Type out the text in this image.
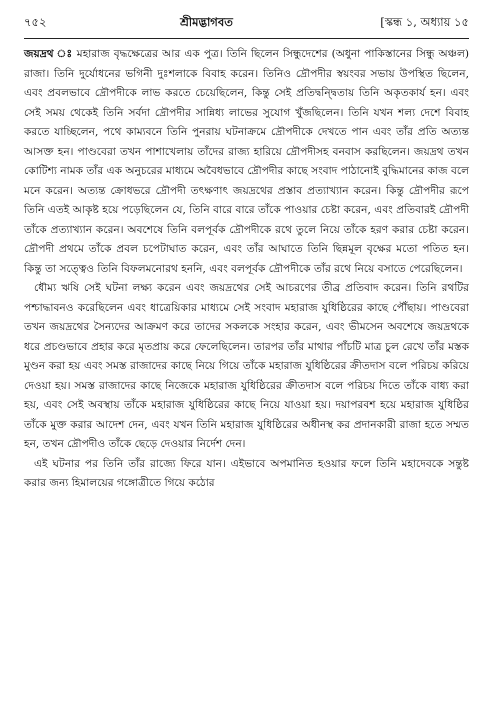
৭৫২	শ্রীমদ্ভাগবত	[স্কন্ধ ১, অধ্যায় ১৫

জয়দ্রথ ঃ মহারাজ বৃদ্ধক্ষেত্রের আর এক পুত্র। তিনি ছিলেন সিন্ধুদেশের (অধুনা পাকিস্তানের সিন্ধু অঞ্চল) রাজা। তিনি দুর্যোধনের ভগিনী দুঃশলাকে বিবাহ করেন। তিনিও দ্রৌপদীর স্বয়ংবর সভায় উপস্থিত ছিলেন, এবং প্রবলভাবে দ্রৌপদীকে লাভ করতে চেয়েছিলেন, কিন্তু সেই প্রতিদ্বন্দ্বিতায় তিনি অকৃতকার্য হন। এবং সেই সময় থেকেই তিনি সর্বদা দ্রৌপদীর সান্নিধ্য লাভের সুযোগ খুঁজছিলেন। তিনি যখন শল্য দেশে বিবাহ করতে যাচ্ছিলেন, পথে কাম্যবনে তিনি পুনরায় ঘটনাক্রমে দ্রৌপদীকে দেখতে পান এবং তাঁর প্রতি অত্যন্ত আসক্ত হন। পাণ্ডবেরা তখন পাশাখেলায় তাঁদের রাজ্য হারিয়ে দ্রৌপদীসহ বনবাস করছিলেন। জয়দ্রথ তখন কোটিশ্য নামক তাঁর এক অনুচরের মাধ্যমে অবৈধভাবে দ্রৌপদীর কাছে সংবাদ পাঠানোই বুদ্ধিমানের কাজ বলে মনে করেন। অত্যন্ত ক্রোধভরে দ্রৌপদী তৎক্ষণাৎ জয়দ্রথের প্রস্তাব প্রত্যাখ্যান করেন। কিন্তু দ্রৌপদীর রূপে তিনি এতই আকৃষ্ট হয়ে পড়েছিলেন যে, তিনি বারে বারে তাঁকে পাওয়ার চেষ্টা করেন, এবং প্রতিবারই দ্রৌপদী তাঁকে প্রত্যাখ্যান করেন। অবশেষে তিনি বলপূর্বক দ্রৌপদীকে রথে তুলে নিয়ে তাঁকে হরণ করার চেষ্টা করেন। দ্রৌপদী প্রথমে তাঁকে প্রবল চপেটাঘাত করেন, এবং তাঁর আঘাতে তিনি ছিন্নমূল বৃক্ষের মতো পতিত হন। কিন্তু তা সত্ত্বেও তিনি বিফলমনোরথ হননি, এবং বলপূর্বক দ্রৌপদীকে তাঁর রথে নিয়ে বসাতে পেরেছিলেন।

ধৌম্য ঋষি সেই ঘটনা লক্ষ্য করেন এবং জয়দ্রথের সেই আচরণের তীব্র প্রতিবাদ করেন। তিনি রথটির পশ্চাদ্ধাবনও করেছিলেন এবং ধাত্রেয়িকার মাধ্যমে সেই সংবাদ মহারাজ যুধিষ্ঠিরের কাছে পৌঁছায়। পাণ্ডবেরা তখন জয়দ্রথের সৈন্যদের আক্রমণ করে তাদের সকলকে সংহার করেন, এবং ভীমসেন অবশেষে জয়দ্রথকে ধরে প্রচণ্ডভাবে প্রহার করে মৃতপ্রায় করে ফেলেছিলেন। তারপর তাঁর মাথার পাঁচটি মাত্র চুল রেখে তাঁর মস্তক মুণ্ডন করা হয় এবং সমস্ত রাজাদের কাছে নিয়ে গিয়ে তাঁকে মহারাজ যুধিষ্ঠিরের ক্রীতদাস বলে পরিচয় করিয়ে দেওয়া হয়। সমস্ত রাজাদের কাছে নিজেকে মহারাজ যুধিষ্ঠিরের ক্রীতদাস বলে পরিচয় দিতে তাঁকে বাধ্য করা হয়, এবং সেই অবস্থায় তাঁকে মহারাজ যুধিষ্ঠিরের কাছে নিয়ে যাওয়া হয়। দয়াপরবশ হয়ে মহারাজ যুধিষ্ঠির তাঁকে মুক্ত করার আদেশ দেন, এবং যখন তিনি মহারাজ যুধিষ্ঠিরের অধীনস্থ কর প্রদানকারী রাজা হতে সম্মত হন, তখন দ্রৌপদীও তাঁকে ছেড়ে দেওয়ার নির্দেশ দেন।

এই ঘটনার পর তিনি তাঁর রাজ্যে ফিরে যান। এইভাবে অপমানিত হওয়ার ফলে তিনি মহাদেবকে সন্তুষ্ট করার জন্য হিমালয়ের গঙ্গোত্রীতে গিয়ে কঠোর
